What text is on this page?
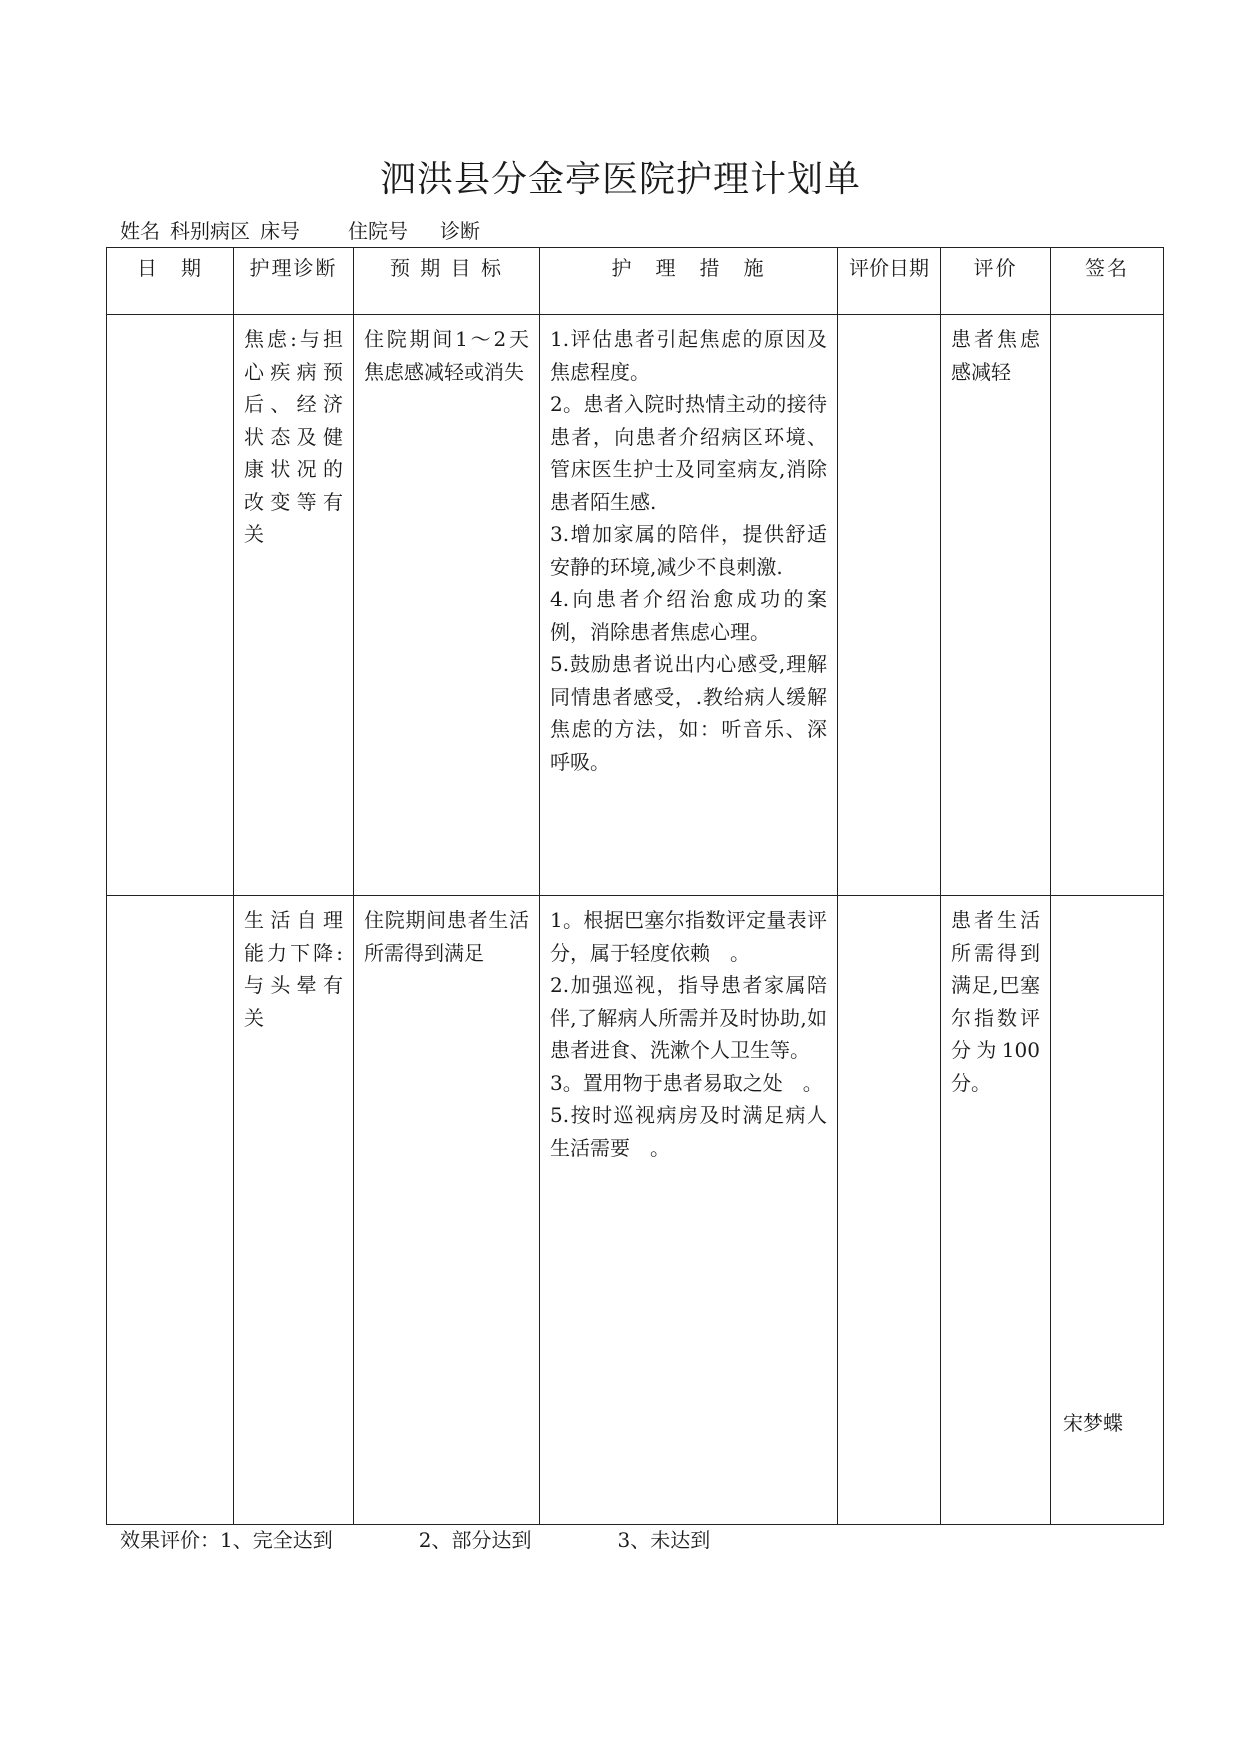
泗洪县分金亭医院护理计划单
姓名 科别病区 床号 住院号 诊断
日　期	护理诊断	预 期 目 标	护　理　措　施	评价日期	评价	签名

	焦虑:与担心疾病预后、经济状态及健康状况的改变等有关	住院期间1～2天焦虑感减轻或消失	1.评估患者引起焦虑的原因及焦虑程度。
2。患者入院时热情主动的接待患者，向患者介绍病区环境、管床医生护士及同室病友,消除患者陌生感.
3.增加家属的陪伴，提供舒适安静的环境,减少不良刺激.
4.向患者介绍治愈成功的案例，消除患者焦虑心理。
5.鼓励患者说出内心感受,理解同情患者感受，.教给病人缓解焦虑的方法，如：听音乐、深呼吸。		患者焦虑感减轻	

	生活自理能力下降:与头晕有关	住院期间患者生活所需得到满足	1。根据巴塞尔指数评定量表评分，属于轻度依赖　。
2.加强巡视，指导患者家属陪伴,了解病人所需并及时协助,如患者进食、洗漱个人卫生等。
3。置用物于患者易取之处　。
5.按时巡视病房及时满足病人生活需要　。		患者生活所需得到满足,巴塞尔指数评分为100分。	宋梦蝶
效果评价：1、完全达到	2、部分达到	3、未达到
